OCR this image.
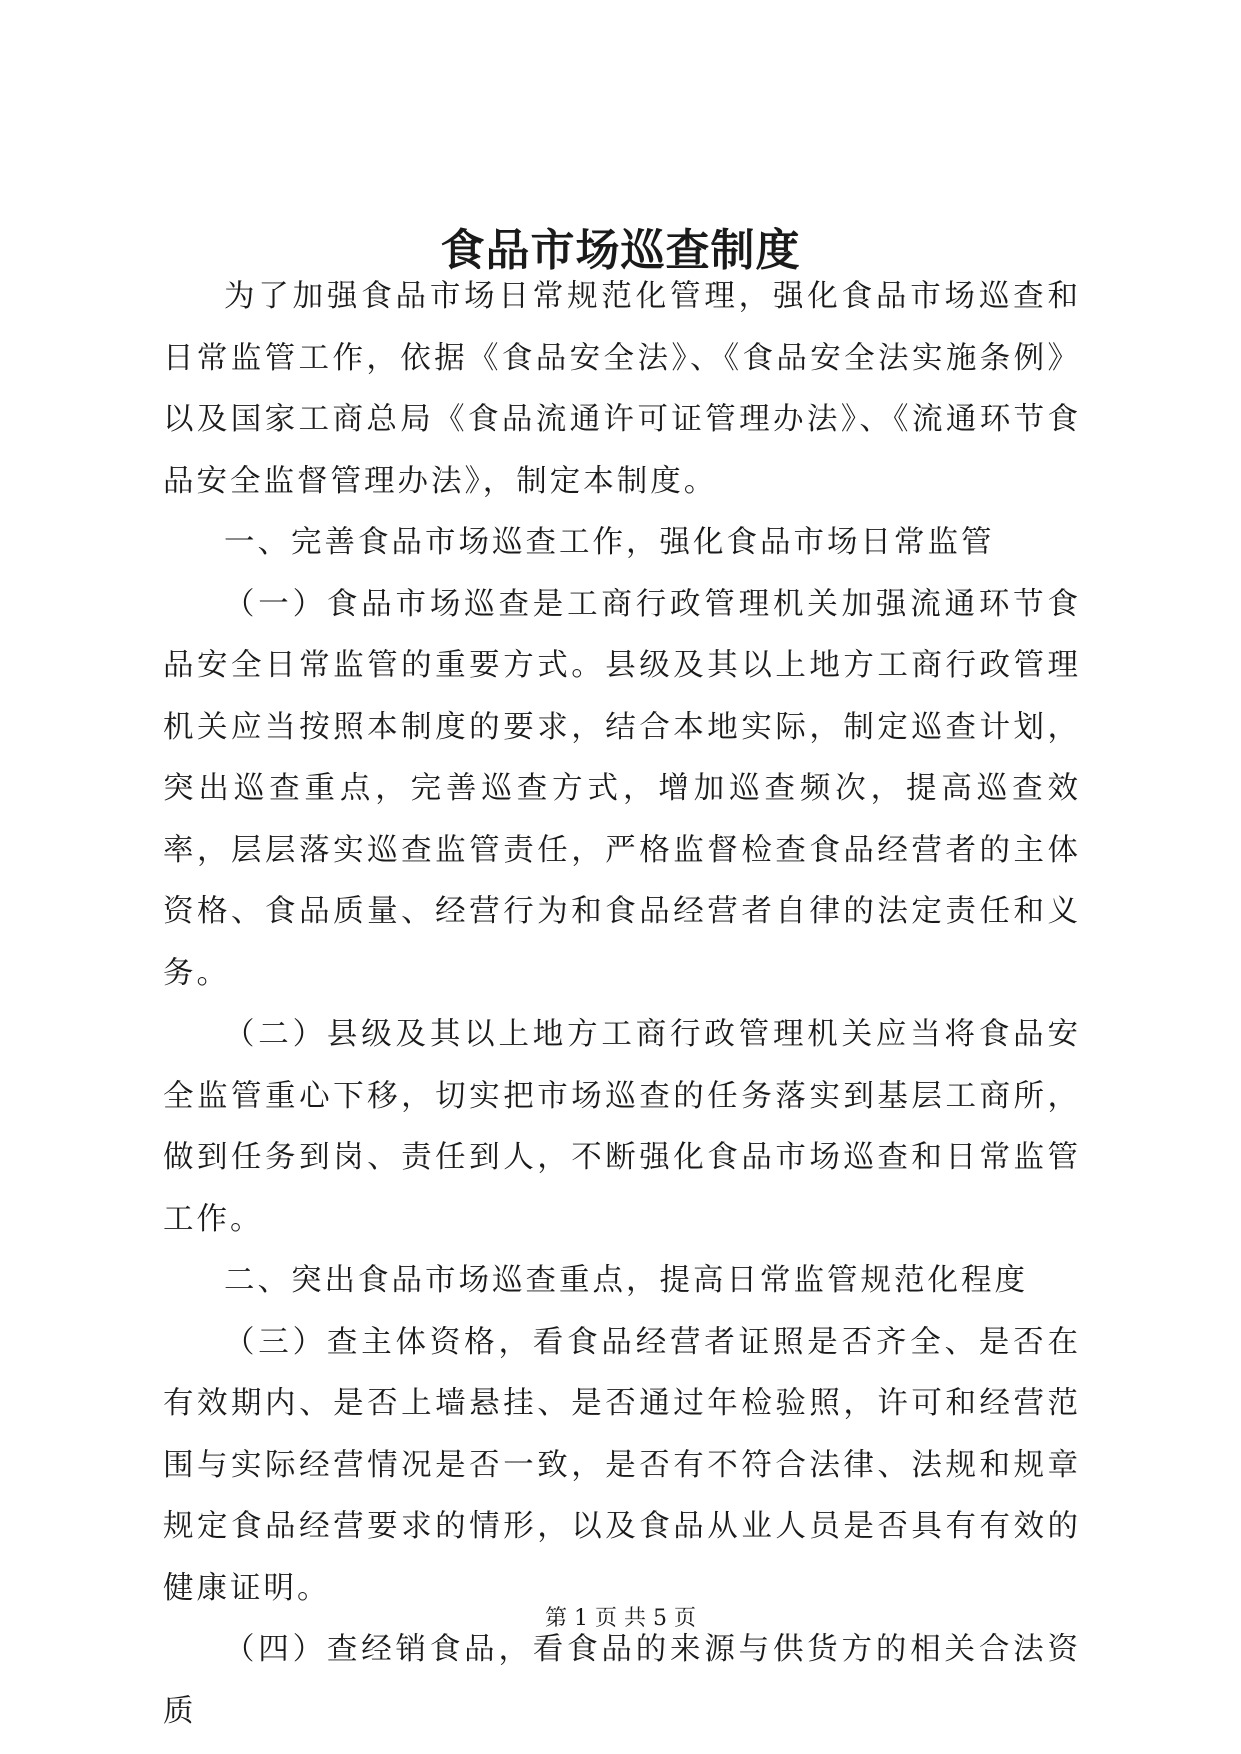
食品市场巡查制度

为了加强食品市场日常规范化管理，强化食品市场巡查和日常监管工作，依据《食品安全法》、《食品安全法实施条例》以及国家工商总局《食品流通许可证管理办法》、《流通环节食品安全监督管理办法》，制定本制度。

一、完善食品市场巡查工作，强化食品市场日常监管

（一）食品市场巡查是工商行政管理机关加强流通环节食品安全日常监管的重要方式。县级及其以上地方工商行政管理机关应当按照本制度的要求，结合本地实际，制定巡查计划，突出巡查重点，完善巡查方式，增加巡查频次，提高巡查效率，层层落实巡查监管责任，严格监督检查食品经营者的主体资格、食品质量、经营行为和食品经营者自律的法定责任和义务。

（二）县级及其以上地方工商行政管理机关应当将食品安全监管重心下移，切实把市场巡查的任务落实到基层工商所，做到任务到岗、责任到人，不断强化食品市场巡查和日常监管工作。

二、突出食品市场巡查重点，提高日常监管规范化程度

（三）查主体资格，看食品经营者证照是否齐全、是否在有效期内、是否上墙悬挂、是否通过年检验照，许可和经营范围与实际经营情况是否一致，是否有不符合法律、法规和规章规定食品经营要求的情形，以及食品从业人员是否具有有效的健康证明。

（四）查经销食品，看食品的来源与供货方的相关合法资质

第 1 页 共 5 页
